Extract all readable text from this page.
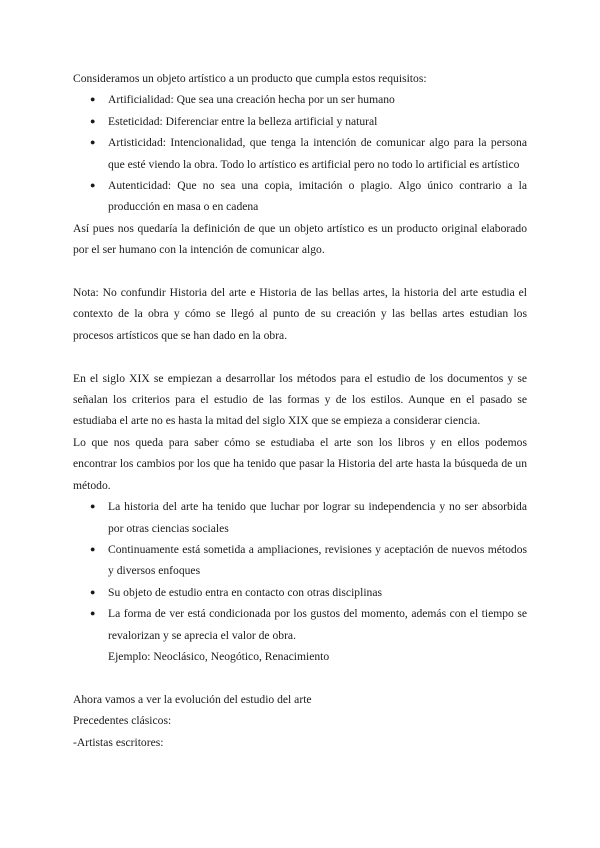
Consideramos un objeto artístico a un producto que cumpla estos requisitos:

● Artificialidad: Que sea una creación hecha por un ser humano
● Esteticidad: Diferenciar entre la belleza artificial y natural
● Artisticidad: Intencionalidad, que tenga la intención de comunicar algo para la persona que esté viendo la obra. Todo lo artístico es artificial pero no todo lo artificial es artístico
● Autenticidad: Que no sea una copia, imitación o plagio. Algo único contrario a la producción en masa o en cadena

Así pues nos quedaría la definición de que un objeto artístico es un producto original elaborado por el ser humano con la intención de comunicar algo.

Nota: No confundir Historia del arte e Historia de las bellas artes, la historia del arte estudia el contexto de la obra y cómo se llegó al punto de su creación y las bellas artes estudian los procesos artísticos que se han dado en la obra.

En el siglo XIX se empiezan a desarrollar los métodos para el estudio de los documentos y se señalan los criterios para el estudio de las formas y de los estilos. Aunque en el pasado se estudiaba el arte no es hasta la mitad del siglo XIX que se empieza a considerar ciencia.

Lo que nos queda para saber cómo se estudiaba el arte son los libros y en ellos podemos encontrar los cambios por los que ha tenido que pasar la Historia del arte hasta la búsqueda de un método.

● La historia del arte ha tenido que luchar por lograr su independencia y no ser absorbida por otras ciencias sociales
● Continuamente está sometida a ampliaciones, revisiones y aceptación de nuevos métodos y diversos enfoques
● Su objeto de estudio entra en contacto con otras disciplinas
● La forma de ver está condicionada por los gustos del momento, además con el tiempo se revalorizan y se aprecia el valor de obra.
Ejemplo: Neoclásico, Neogótico, Renacimiento

Ahora vamos a ver la evolución del estudio del arte

Precedentes clásicos:

-Artistas escritores:
